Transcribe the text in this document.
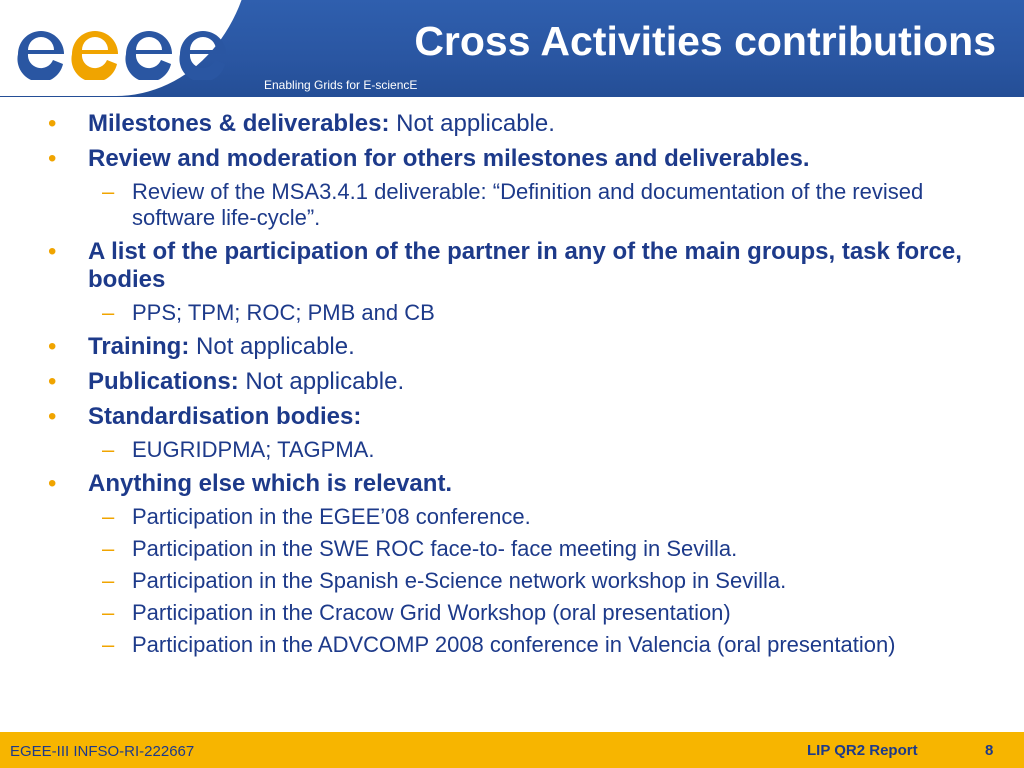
Cross Activities contributions
Enabling Grids for E-sciencE
• Milestones & deliverables: Not applicable.
• Review and moderation for others milestones and deliverables.
– Review of the MSA3.4.1 deliverable: “Definition and documentation of the revised software life-cycle”.
• A list of the participation of the partner in any of the main groups, task force, bodies
– PPS; TPM; ROC; PMB and CB
• Training: Not applicable.
• Publications: Not applicable.
• Standardisation bodies:
– EUGRIDPMA; TAGPMA.
• Anything else which is relevant.
– Participation in the EGEE’08 conference.
– Participation in the SWE ROC face-to- face meeting in Sevilla.
– Participation in the Spanish e-Science network workshop in Sevilla.
– Participation in the Cracow Grid Workshop (oral presentation)
– Participation in the ADVCOMP 2008 conference in Valencia (oral presentation)
EGEE-III INFSO-RI-222667	LIP QR2 Report	8
